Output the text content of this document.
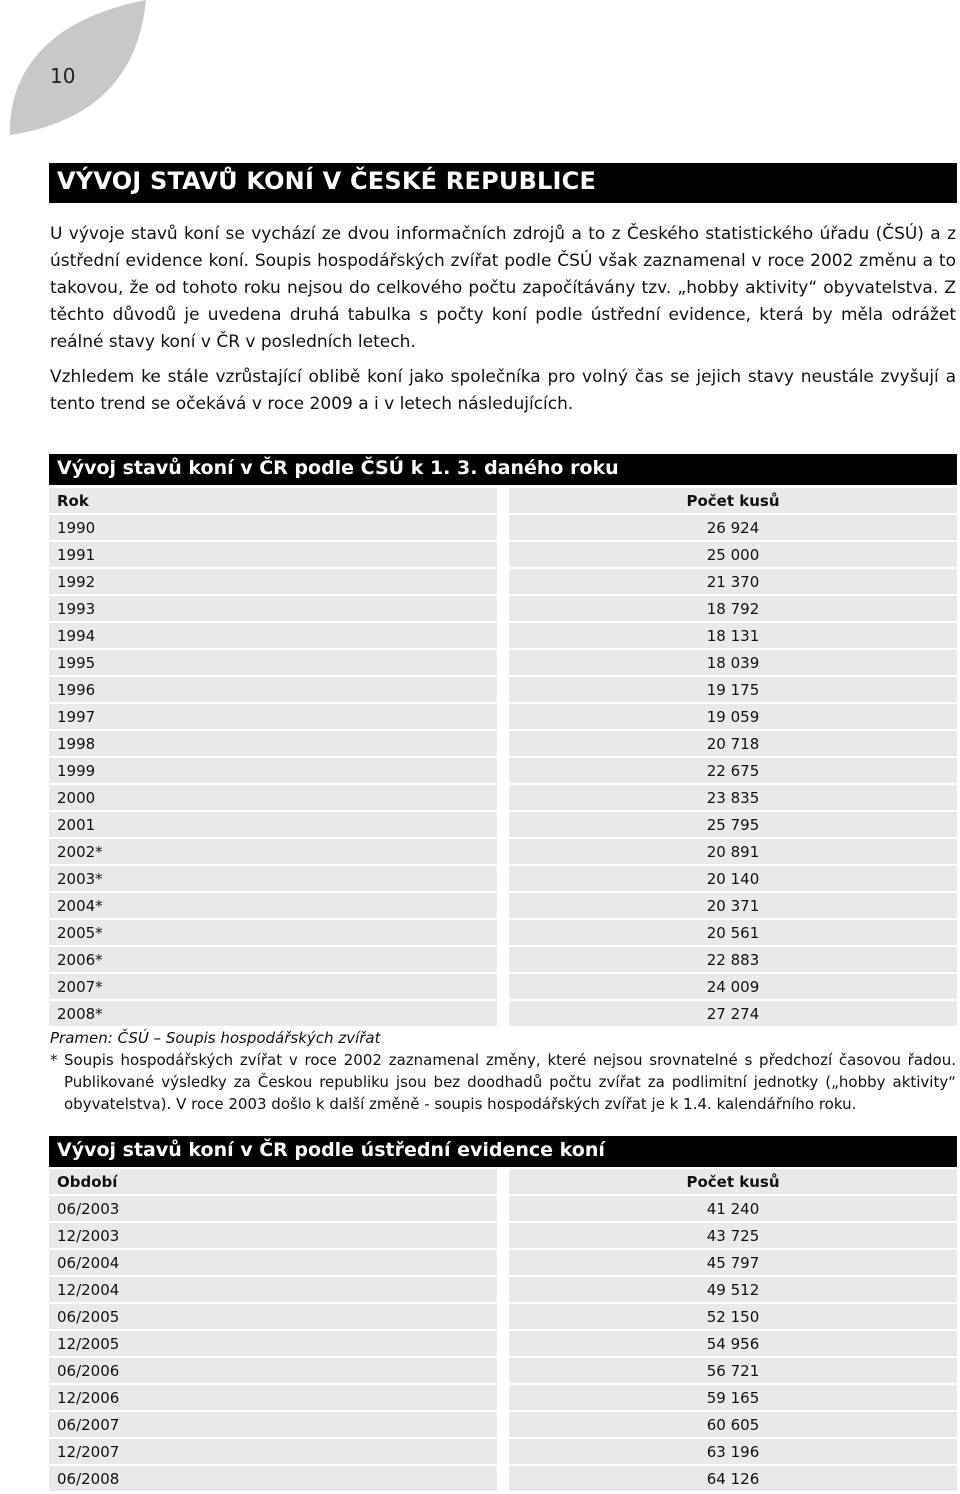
10
VÝVOJ STAVŮ KONÍ V ČESKÉ REPUBLICE

U vývoje stavů koní se vychází ze dvou informačních zdrojů a to z Českého statistického úřadu (ČSÚ) a z ústřední evidence koní. Soupis hospodářských zvířat podle ČSÚ však zaznamenal v roce 2002 změnu a to takovou, že od tohoto roku nejsou do celkového počtu započítávány tzv. „hobby aktivity“ obyvatelstva. Z těchto důvodů je uvedena druhá tabulka s počty koní podle ústřední evidence, která by měla odrážet reálné stavy koní v ČR v posledních letech.

Vzhledem ke stále vzrůstající oblibě koní jako společníka pro volný čas se jejich stavy neustále zvyšují a tento trend se očekává v roce 2009 a i v letech následujících.

Vývoj stavů koní v ČR podle ČSÚ k 1. 3. daného roku
Rok		Počet kusů
1990		26 924
1991		25 000
1992		21 370
1993		18 792
1994		18 131
1995		18 039
1996		19 175
1997		19 059
1998		20 718
1999		22 675
2000		23 835
2001		25 795
2002*		20 891
2003*		20 140
2004*		20 371
2005*		20 561
2006*		22 883
2007*		24 009
2008*		27 274
Pramen: ČSÚ – Soupis hospodářských zvířat
* Soupis hospodářských zvířat v roce 2002 zaznamenal změny, které nejsou srovnatelné s předchozí časovou řadou. Publikované výsledky za Českou republiku jsou bez doodhadů počtu zvířat za podlimitní jednotky („hobby aktivity“ obyvatelstva). V roce 2003 došlo k další změně - soupis hospodářských zvířat je k 1.4. kalendářního roku.
Vývoj stavů koní v ČR podle ústřední evidence koní
Období		Počet kusů
06/2003		41 240
12/2003		43 725
06/2004		45 797
12/2004		49 512
06/2005		52 150
12/2005		54 956
06/2006		56 721
12/2006		59 165
06/2007		60 605
12/2007		63 196
06/2008		64 126
